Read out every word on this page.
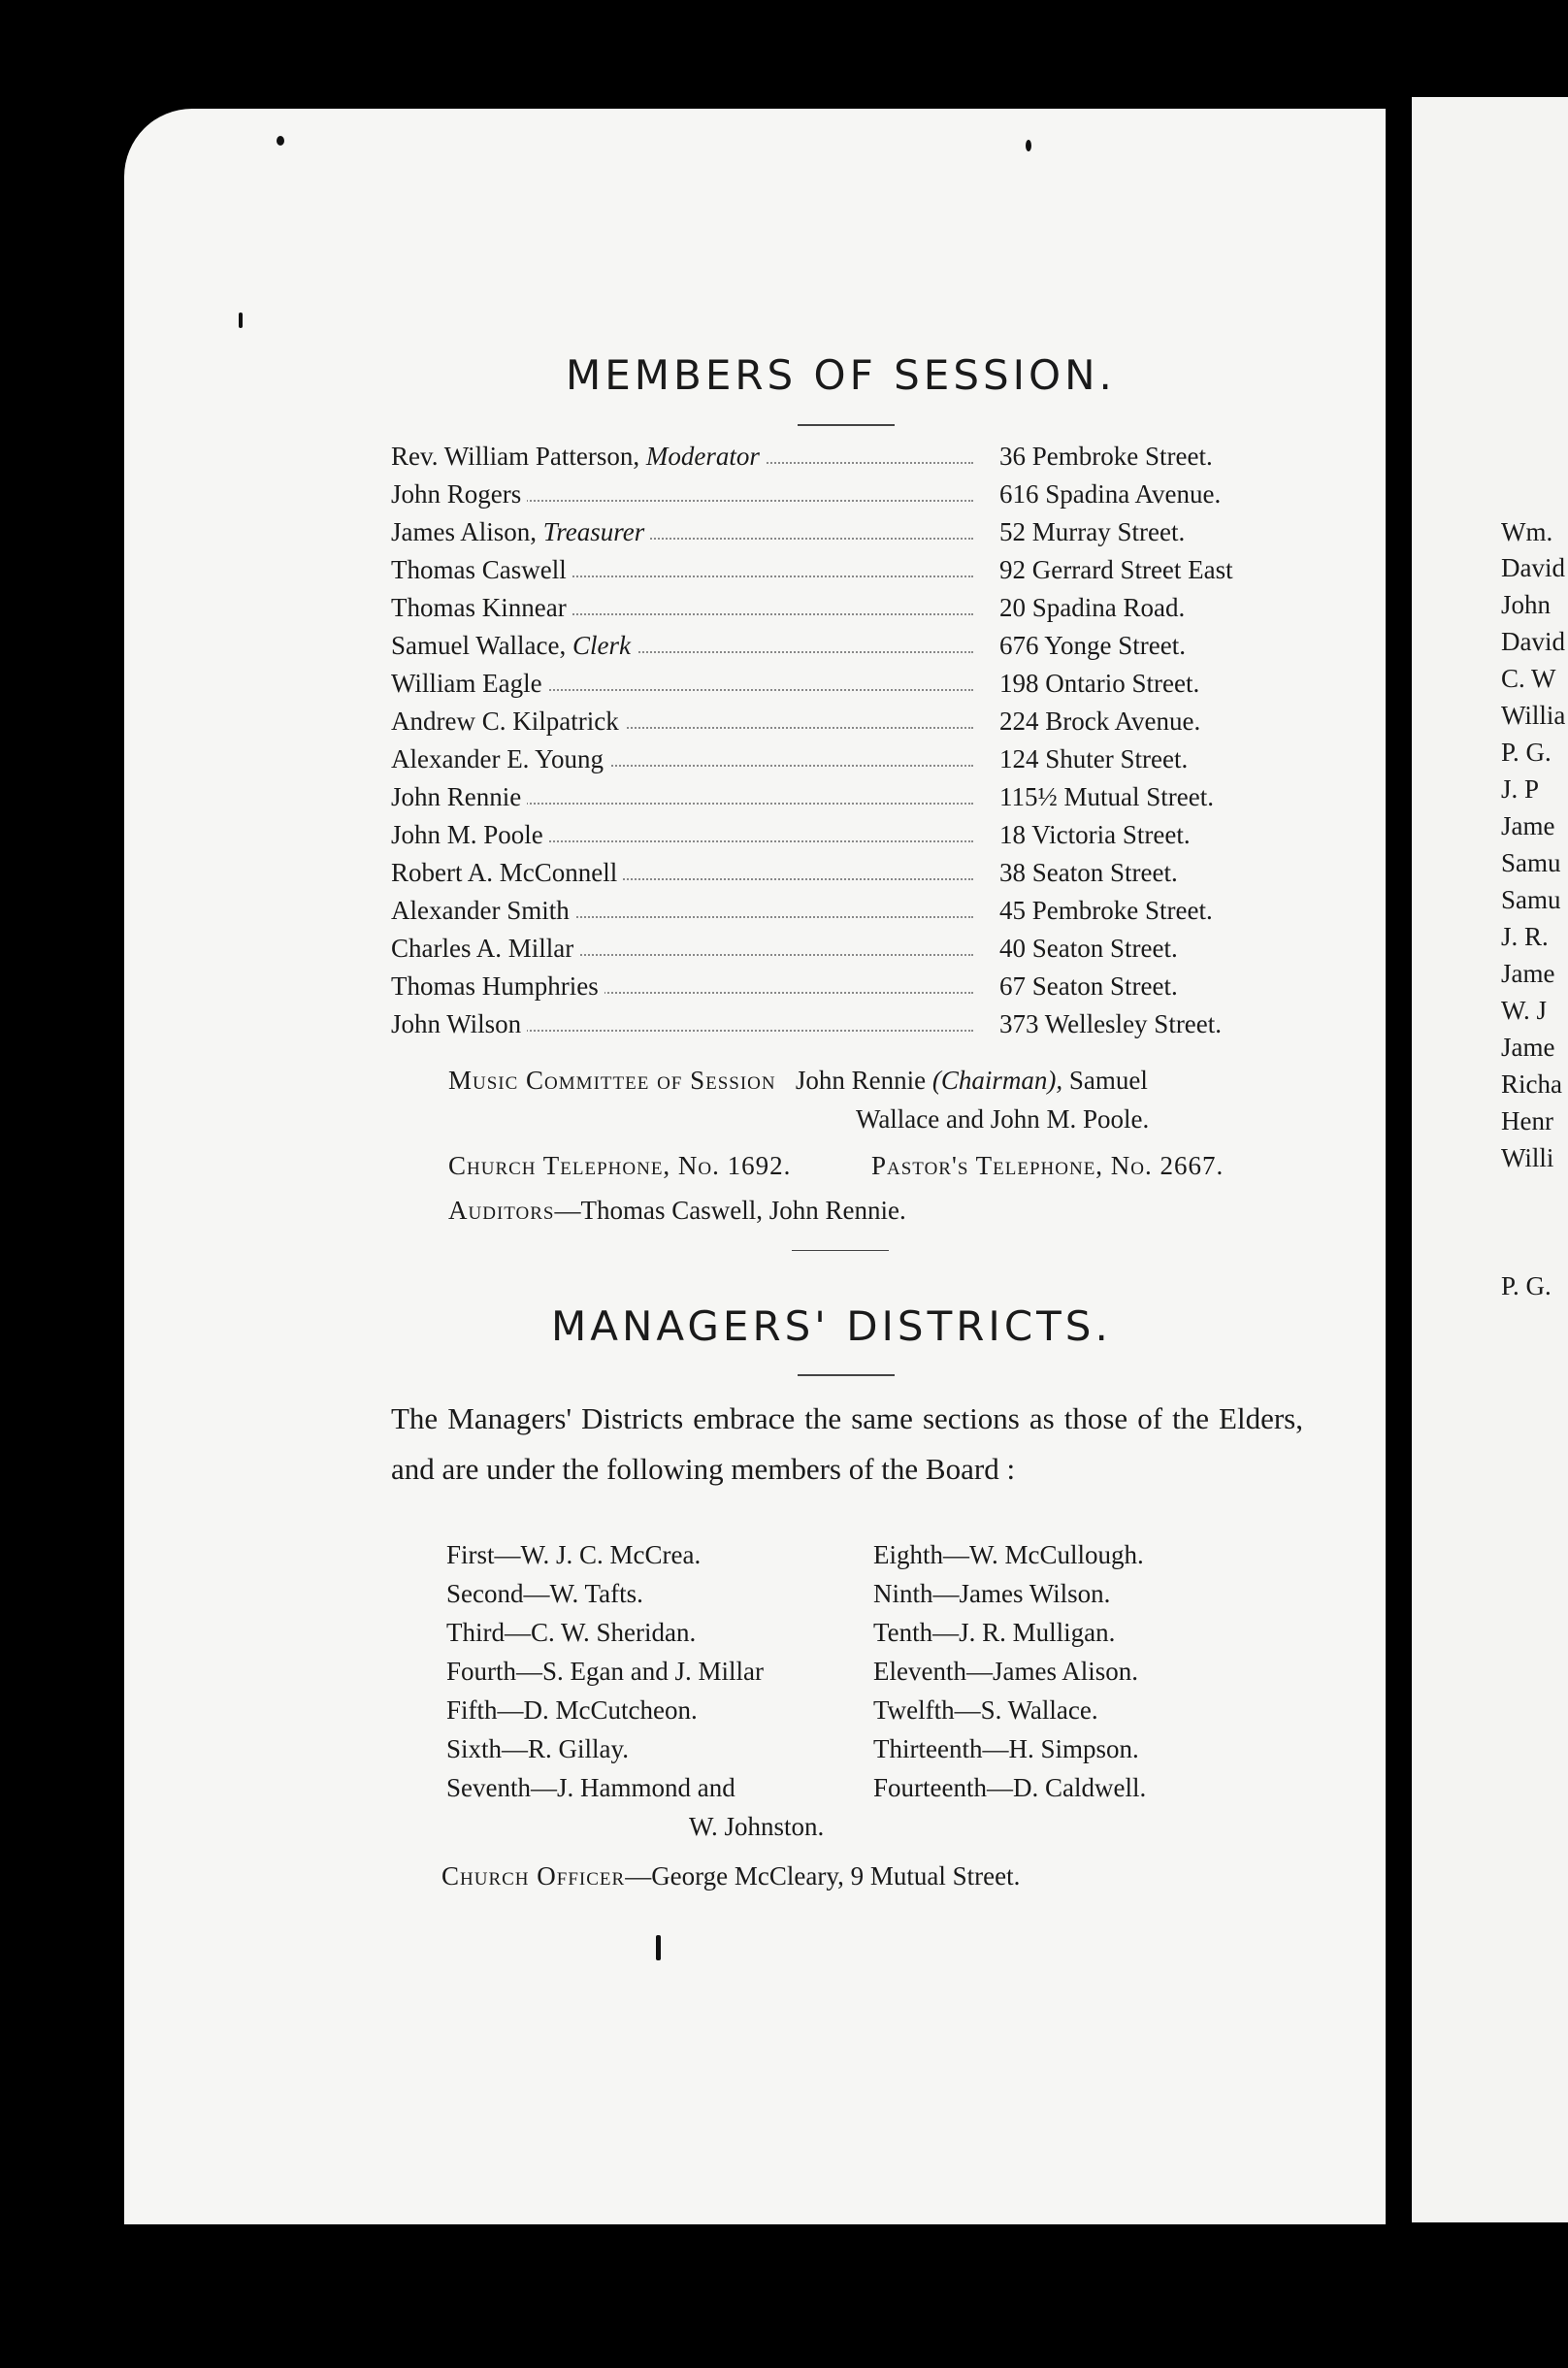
Wm.
David
John
David
C. W
Willia
P. G.
J. P
Jame
Samu
Samu
J. R.
Jame
W. J
Jame
Richa
Henr
Willi
P. G.
MEMBERS OF SESSION.
Rev. William Patterson, Moderator	36 Pembroke Street.
John Rogers	616 Spadina Avenue.
James Alison, Treasurer	52 Murray Street.
Thomas Caswell	92 Gerrard Street East
Thomas Kinnear	20 Spadina Road.
Samuel Wallace, Clerk	676 Yonge Street.
William Eagle	198 Ontario Street.
Andrew C. Kilpatrick	224 Brock Avenue.
Alexander E. Young	124 Shuter Street.
John Rennie	115½ Mutual Street.
John M. Poole	18 Victoria Street.
Robert A. McConnell	38 Seaton Street.
Alexander Smith	45 Pembroke Street.
Charles A. Millar	40 Seaton Street.
Thomas Humphries	67 Seaton Street.
John Wilson	373 Wellesley Street.
Music Committee of Session John Rennie (Chairman), Samuel
Wallace and John M. Poole.
Church Telephone, No. 1692.	Pastor's Telephone, No. 2667.
Auditors—Thomas Caswell, John Rennie.
MANAGERS' DISTRICTS.
The Managers' Districts embrace the same sections as those of the Elders, and are under the following members of the Board :
First—W. J. C. McCrea.
Second—W. Tafts.
Third—C. W. Sheridan.
Fourth—S. Egan and J. Millar
Fifth—D. McCutcheon.
Sixth—R. Gillay.
Seventh—J. Hammond and
W. Johnston.
Eighth—W. McCullough.
Ninth—James Wilson.
Tenth—J. R. Mulligan.
Eleventh—James Alison.
Twelfth—S. Wallace.
Thirteenth—H. Simpson.
Fourteenth—D. Caldwell.
Church Officer—George McCleary, 9 Mutual Street.
